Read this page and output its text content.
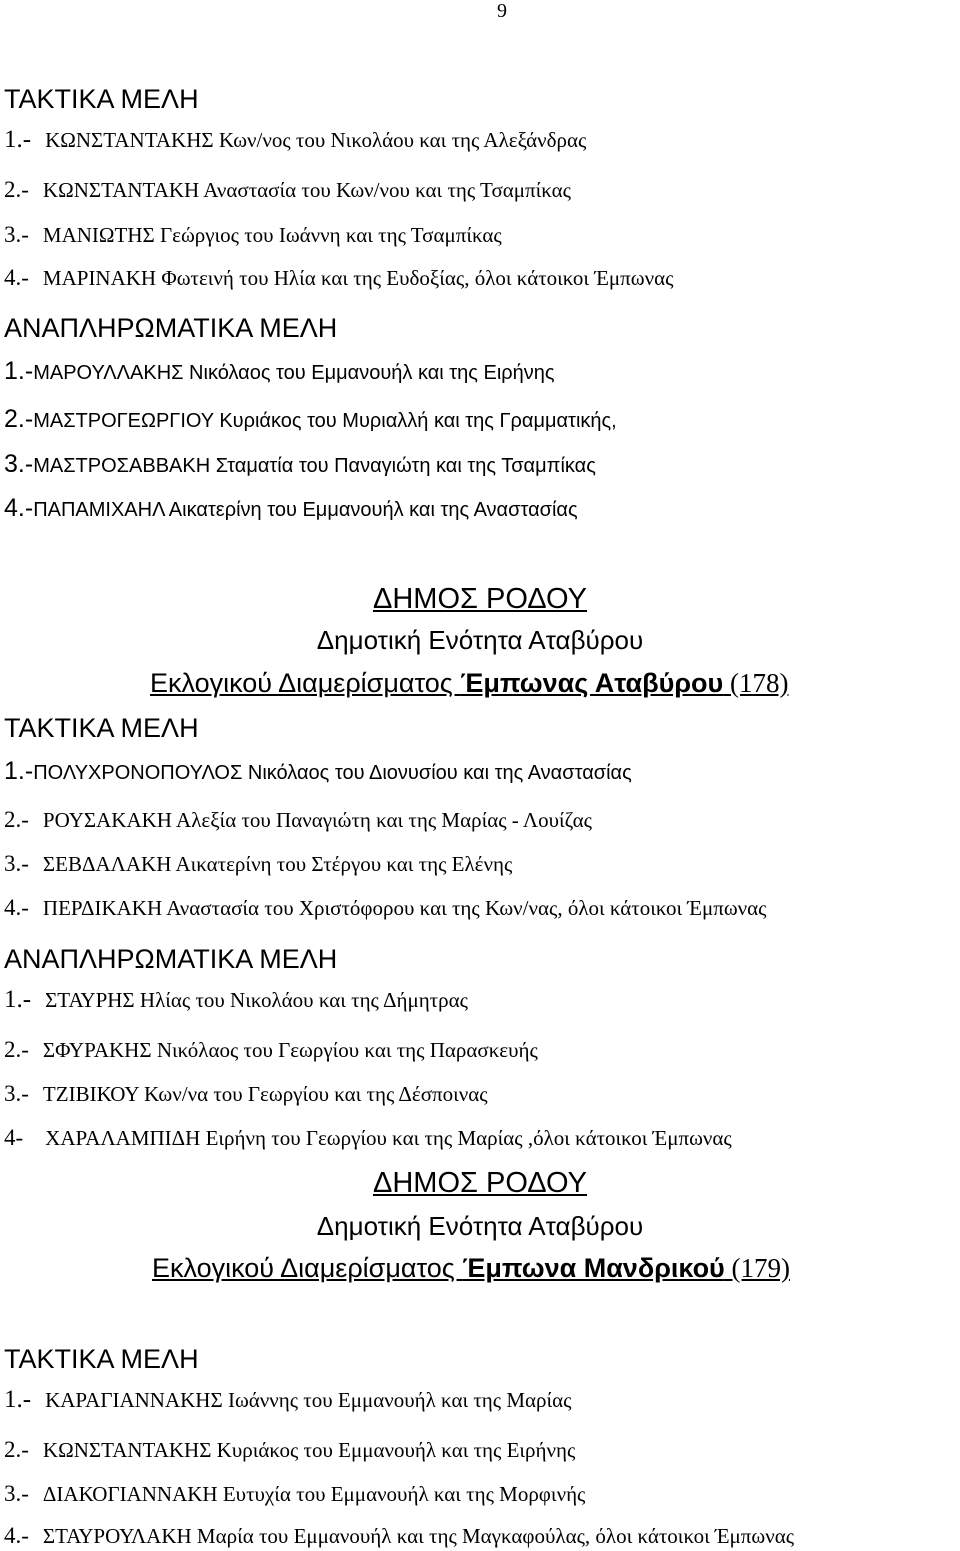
9
ΤΑΚΤΙΚΑ ΜΕΛΗ
1.- ΚΩΝΣΤΑΝΤΑΚΗΣ Κων/νος του Νικολάου και της Αλεξάνδρας
2.- ΚΩΝΣΤΑΝΤΑΚΗ Αναστασία του Κων/νου και της Τσαμπίκας
3.- ΜΑΝΙΩΤΗΣ Γεώργιος του Ιωάννη και της Τσαμπίκας
4.- ΜΑΡΙΝΑΚΗ Φωτεινή του Ηλία και της Ευδοξίας, όλοι κάτοικοι Έμπωνας
ΑΝΑΠΛΗΡΩΜΑΤΙΚΑ ΜΕΛΗ
1.-ΜΑΡΟΥΛΛΑΚΗΣ Νικόλαος του Εμμανουήλ και της Ειρήνης
2.-ΜΑΣΤΡΟΓΕΩΡΓΙΟΥ Κυριάκος του Μυριαλλή και της Γραμματικής,
3.-ΜΑΣΤΡΟΣΑΒΒΑΚΗ Σταματία του Παναγιώτη και της Τσαμπίκας
4.-ΠΑΠΑΜΙΧΑΗΛ Αικατερίνη του Εμμανουήλ και της Αναστασίας
ΔΗΜΟΣ ΡΟΔΟΥ
Δημοτική Ενότητα Αταβύρου
Εκλογικού Διαμερίσματος Έμπωνας Αταβύρου (178)
ΤΑΚΤΙΚΑ ΜΕΛΗ
1.-ΠΟΛΥΧΡΟΝΟΠΟΥΛΟΣ Νικόλαος του Διονυσίου και της Αναστασίας
2.- ΡΟΥΣΑΚΑΚΗ Αλεξία του Παναγιώτη και της Μαρίας - Λουίζας
3.- ΣΕΒΔΑΛΑΚΗ Αικατερίνη του Στέργου και της Ελένης
4.- ΠΕΡΔΙΚΑΚΗ Αναστασία του Χριστόφορου και της Κων/νας, όλοι κάτοικοι Έμπωνας
ΑΝΑΠΛΗΡΩΜΑΤΙΚΑ ΜΕΛΗ
1.- ΣΤΑΥΡΗΣ Ηλίας του Νικολάου και της Δήμητρας
2.- ΣΦΥΡΑΚΗΣ Νικόλαος του Γεωργίου και της Παρασκευής
3.- ΤΖΙΒΙΚΟΥ Κων/να του Γεωργίου και της Δέσποινας
4- ΧΑΡΑΛΑΜΠΙΔΗ Ειρήνη του Γεωργίου και της Μαρίας ,όλοι κάτοικοι Έμπωνας
ΔΗΜΟΣ ΡΟΔΟΥ
Δημοτική Ενότητα Αταβύρου
Εκλογικού Διαμερίσματος Έμπωνα Μανδρικού (179)
ΤΑΚΤΙΚΑ ΜΕΛΗ
1.- ΚΑΡΑΓΙΑΝΝΑΚΗΣ Ιωάννης του Εμμανουήλ και της Μαρίας
2.- ΚΩΝΣΤΑΝΤΑΚΗΣ Κυριάκος του Εμμανουήλ και της Ειρήνης
3.- ΔΙΑΚΟΓΙΑΝΝΑΚΗ Ευτυχία του Εμμανουήλ και της Μορφινής
4.- ΣΤΑΥΡΟΥΛΑΚΗ Μαρία του Εμμανουήλ και της Μαγκαφούλας, όλοι κάτοικοι Έμπωνας
